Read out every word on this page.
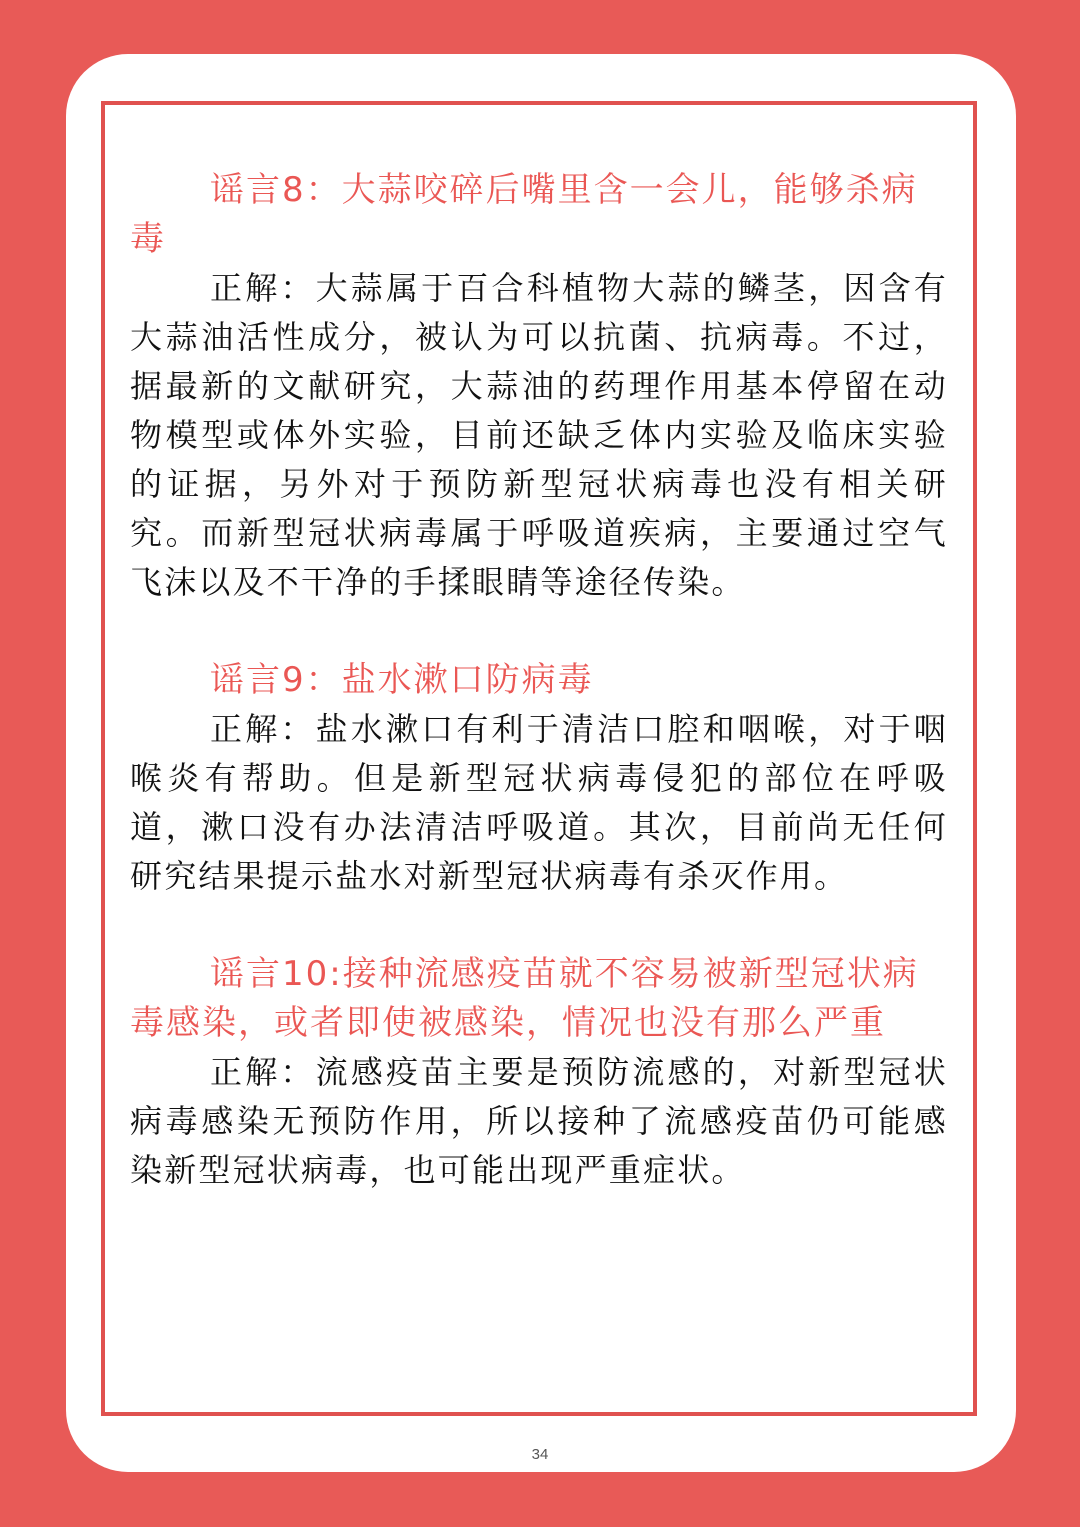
谣言8：大蒜咬碎后嘴里含一会儿，能够杀病毒

正解：大蒜属于百合科植物大蒜的鳞茎，因含有大蒜油活性成分，被认为可以抗菌、抗病毒。不过，据最新的文献研究，大蒜油的药理作用基本停留在动物模型或体外实验，目前还缺乏体内实验及临床实验的证据，另外对于预防新型冠状病毒也没有相关研究。而新型冠状病毒属于呼吸道疾病，主要通过空气飞沫以及不干净的手揉眼睛等途径传染。

谣言9：盐水漱口防病毒

正解：盐水漱口有利于清洁口腔和咽喉，对于咽喉炎有帮助。但是新型冠状病毒侵犯的部位在呼吸道，漱口没有办法清洁呼吸道。其次，目前尚无任何研究结果提示盐水对新型冠状病毒有杀灭作用。

谣言10:接种流感疫苗就不容易被新型冠状病毒感染，或者即使被感染，情况也没有那么严重

正解：流感疫苗主要是预防流感的，对新型冠状病毒感染无预防作用，所以接种了流感疫苗仍可能感染新型冠状病毒，也可能出现严重症状。

34
